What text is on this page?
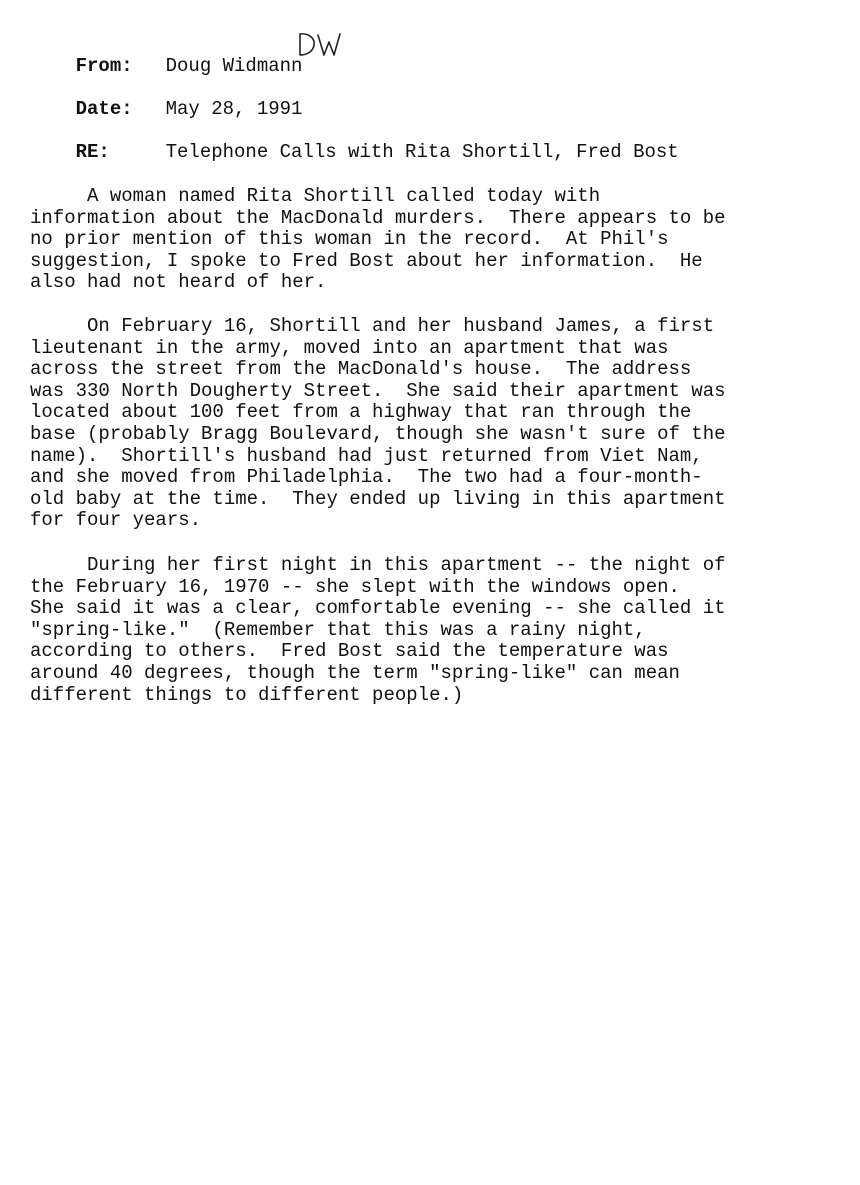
From: Doug Widmann

Date: May 28, 1991

RE:	Telephone Calls with Rita Shortill, Fred Bost

A woman named Rita Shortill called today with
information about the MacDonald murders.  There appears to be
no prior mention of this woman in the record.  At Phil's
suggestion, I spoke to Fred Bost about her information.  He
also had not heard of her.
On February 16, Shortill and her husband James, a first
lieutenant in the army, moved into an apartment that was
across the street from the MacDonald's house.  The address
was 330 North Dougherty Street.  She said their apartment was
located about 100 feet from a highway that ran through the
base (probably Bragg Boulevard, though she wasn't sure of the
name).  Shortill's husband had just returned from Viet Nam,
and she moved from Philadelphia.  The two had a four-month-
old baby at the time.  They ended up living in this apartment
for four years.
During her first night in this apartment -- the night of
the February 16, 1970 -- she slept with the windows open.
She said it was a clear, comfortable evening -- she called it
"spring-like."  (Remember that this was a rainy night,
according to others.  Fred Bost said the temperature was
around 40 degrees, though the term "spring-like" can mean
different things to different people.)
